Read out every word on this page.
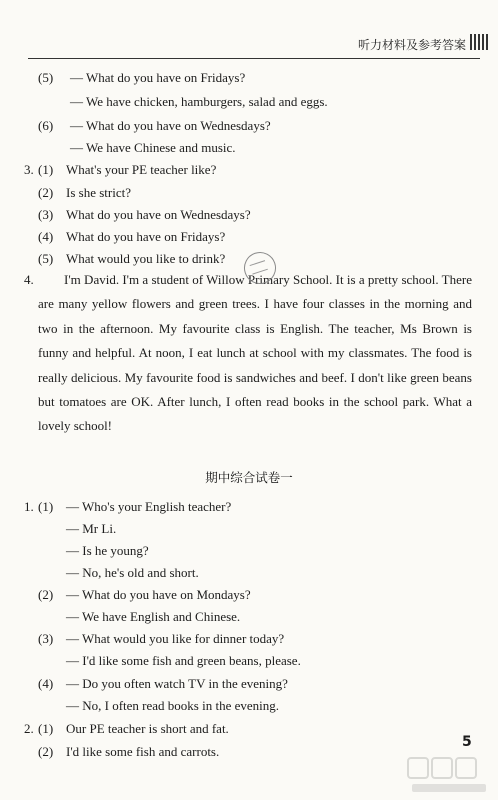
听力材料及参考答案
(5) — What do you have on Fridays?
— We have chicken, hamburgers, salad and eggs.
(6) — What do you have on Wednesdays?
— We have Chinese and music.
3. (1) What's your PE teacher like?
(2) Is she strict?
(3) What do you have on Wednesdays?
(4) What do you have on Fridays?
(5) What would you like to drink?
4.	I'm David. I'm a student of Willow Primary School. It is a pretty school. There are many yellow flowers and green trees. I have four classes in the morning and two in the afternoon. My favourite class is English. The teacher, Ms Brown is funny and helpful. At noon, I eat lunch at school with my classmates. The food is really delicious. My favourite food is sandwiches and beef. I don't like green beans but tomatoes are OK. After lunch, I often read books in the school park. What a lovely school!
期中综合试卷一
1. (1) — Who's your English teacher?
— Mr Li.
— Is he young?
— No, he's old and short.
(2) — What do you have on Mondays?
— We have English and Chinese.
(3) — What would you like for dinner today?
— I'd like some fish and green beans, please.
(4) — Do you often watch TV in the evening?
— No, I often read books in the evening.
2. (1) Our PE teacher is short and fat.
(2) I'd like some fish and carrots.
5
